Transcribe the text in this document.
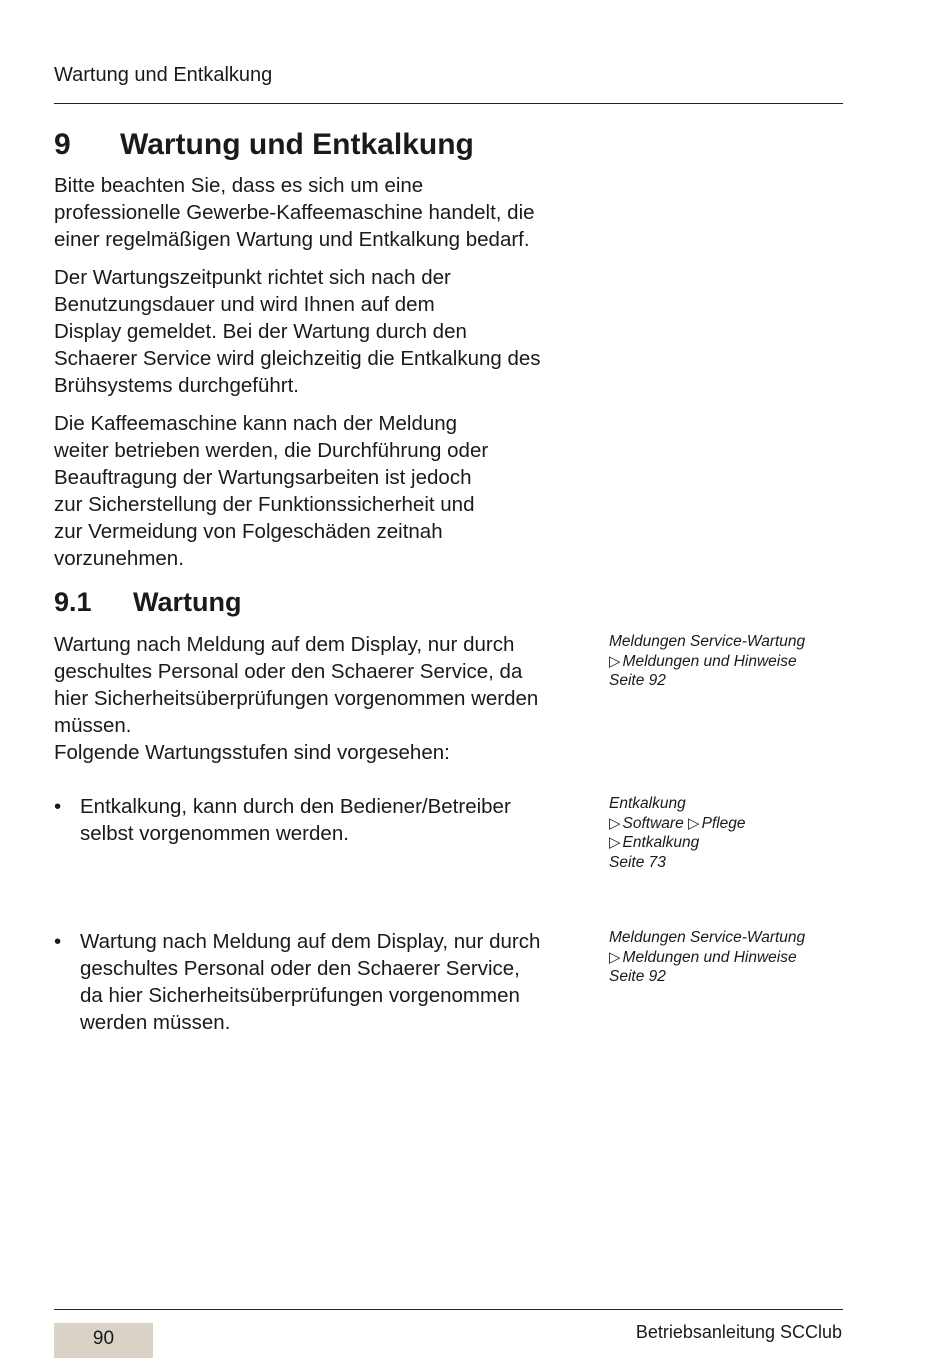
Wartung und Entkalkung
9 Wartung und Entkalkung

Bitte beachten Sie, dass es sich um eine
professionelle Gewerbe-Kaffeemaschine handelt, die
einer regelmäßigen Wartung und Entkalkung bedarf.

Der Wartungszeitpunkt richtet sich nach der
Benutzungsdauer und wird Ihnen auf dem
Display gemeldet. Bei der Wartung durch den
Schaerer Service wird gleichzeitig die Entkalkung des
Brühsystems durchgeführt.

Die Kaffeemaschine kann nach der Meldung
weiter betrieben werden, die Durchführung oder
Beauftragung der Wartungsarbeiten ist jedoch
zur Sicherstellung der Funktionssicherheit und
zur Vermeidung von Folgeschäden zeitnah
vorzunehmen.

9.1 Wartung

Wartung nach Meldung auf dem Display, nur durch
geschultes Personal oder den Schaerer Service, da
hier Sicherheitsüberprüfungen vorgenommen werden
müssen.

Folgende Wartungsstufen sind vorgesehen:

• Entkalkung, kann durch den Bediener/Betreiber
selbst vorgenommen werden.
• Wartung nach Meldung auf dem Display, nur durch
geschultes Personal oder den Schaerer Service,
da hier Sicherheitsüberprüfungen vorgenommen
werden müssen.
Meldungen Service-Wartung
▷ Meldungen und Hinweise
Seite 92
Entkalkung
▷ Software ▷ Pflege
▷ Entkalkung
Seite 73
Meldungen Service-Wartung
▷ Meldungen und Hinweise
Seite 92
90	Betriebsanleitung SCClub
